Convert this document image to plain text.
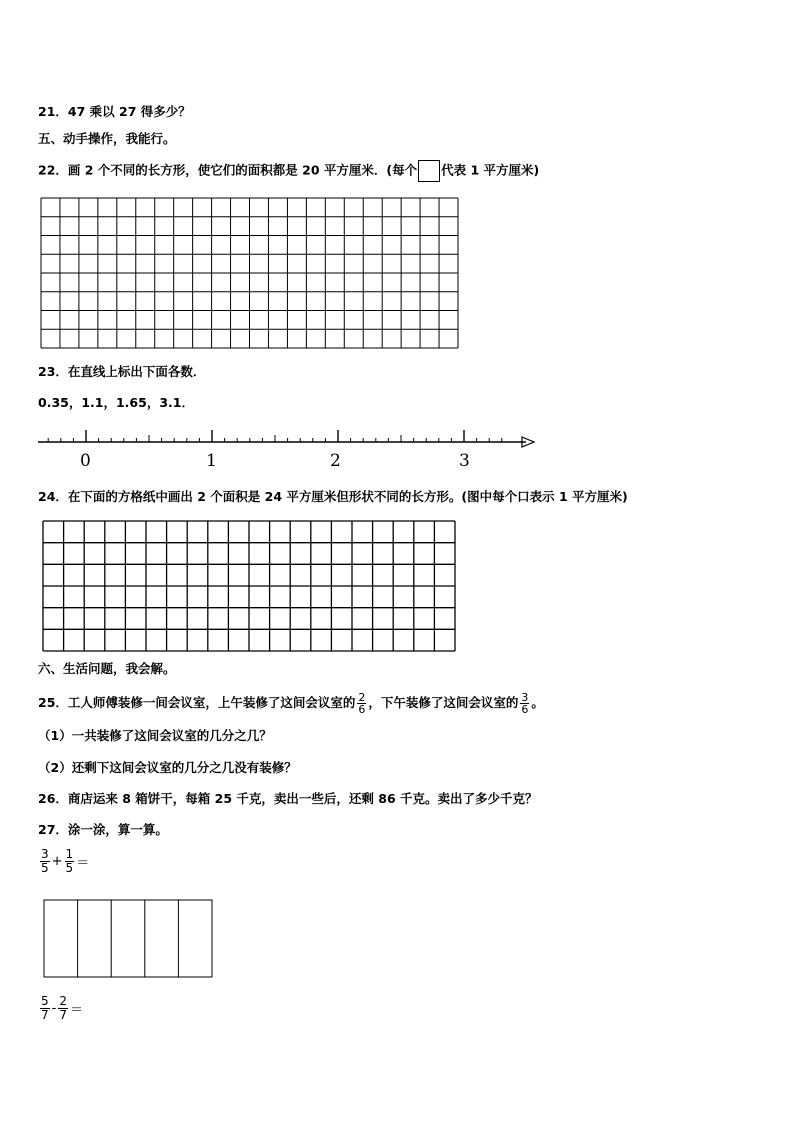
21．47 乘以 27 得多少？
五、动手操作，我能行。
22．画 2 个不同的长方形，使它们的面积都是 20 平方厘米．(每个 代表 1 平方厘米)
23．在直线上标出下面各数．
0.35，1.1，1.65，3.1．
0	1	2	3
24．在下面的方格纸中画出 2 个面积是 24 平方厘米但形状不同的长方形。(图中每个口表示 1 平方厘米)
六、生活问题，我会解。
25．工人师傅装修一间会议室，上午装修了这间会议室的 $\frac{2}{6}$ ，下午装修了这间会议室的 $\frac{3}{6}$ 。
（1）一共装修了这间会议室的几分之几？
（2）还剩下这间会议室的几分之几没有装修？
26．商店运来 8 箱饼干，每箱 25 千克，卖出一些后，还剩 86 千克。卖出了多少千克？
27．涂一涂，算一算。
$\frac{3}{5} + \frac{1}{5}$ ＝
$\frac{5}{7} - \frac{2}{7}$ ＝
